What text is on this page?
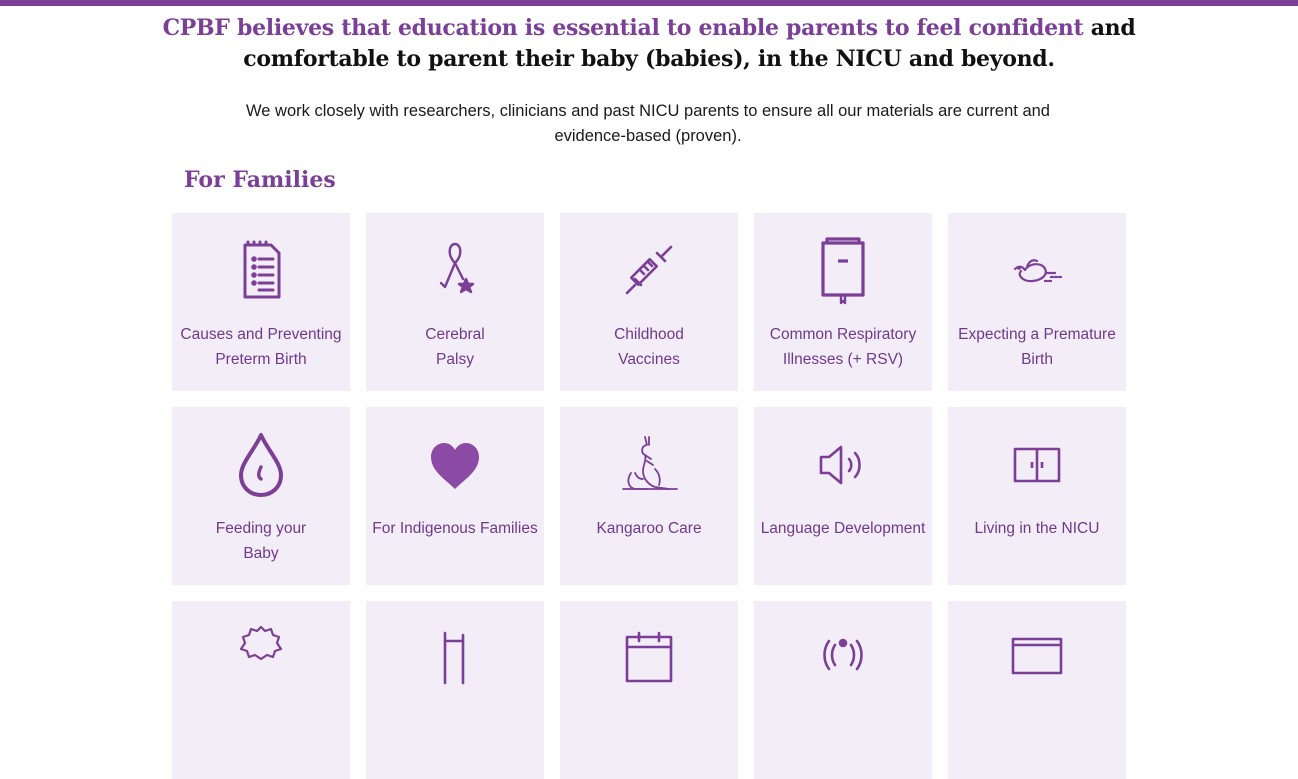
CPBF believes that education is essential to enable parents to feel confident and
comfortable to parent their baby (babies), in the NICU and beyond.
We work closely with researchers, clinicians and past NICU parents to ensure all our materials are current and
evidence-based (proven).
For Families
Causes and Preventing
Preterm Birth
Cerebral
Palsy
Childhood
Vaccines
Common Respiratory
Illnesses (+ RSV)
Expecting a Premature
Birth
Feeding your
Baby
For Indigenous Families	Kangaroo Care	Language Development	Living in the NICU
